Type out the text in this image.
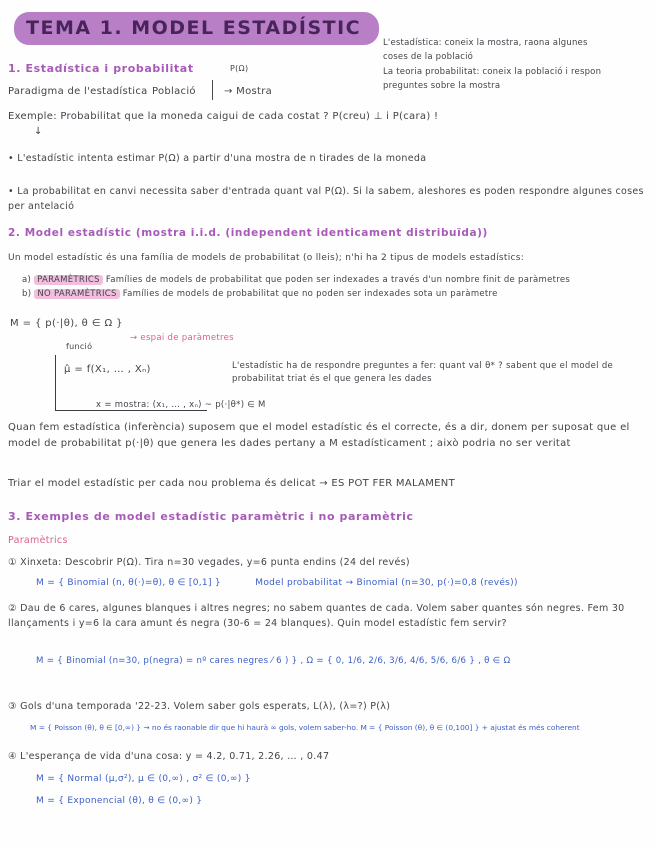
TEMA 1. MODEL ESTADÍSTIC
L'estadística: coneix la mostra, raona algunes
coses de la població
La teoria probabilitat: coneix la població i respon
preguntes sobre la mostra
1. Estadística i probabilitat	P(Ω)
Paradigma de l'estadística Població	→ Mostra
Exemple: Probabilitat que la moneda caigui de cada costat ? P(creu) ⊥ i P(cara) !
↓
• L'estadístic intenta estimar P(Ω) a partir d'una mostra de n tirades de la moneda
• La probabilitat en canvi necessita saber d'entrada quant val P(Ω). Si la sabem, aleshores es poden respondre algunes coses per antelació
2. Model estadístic (mostra i.i.d. (independent identicament distribuïda))
Un model estadístic és una família de models de probabilitat (o lleis); n'hi ha 2 tipus de models estadístics:
a) PARAMÈTRICS Famílies de models de probabilitat que poden ser indexades a través d'un nombre finit de paràmetres
b) NO PARAMÈTRICS Famílies de models de probabilitat que no poden ser indexades sota un paràmetre
M = { p(·|θ), θ ∈ Ω }
→ espai de paràmetres
funció
μ̂ = f(X₁, … , Xₙ)	L'estadístic ha de respondre preguntes a fer: quant val θ* ? sabent que el model de probabilitat triat és el que genera les dades
x = mostra: (x₁, … , xₙ) ~ p(·|θ*) ∈ M
Quan fem estadística (inferència) suposem que el model estadístic és el correcte, és a dir, donem per suposat que el model de probabilitat p(·|θ) que genera les dades pertany a M estadísticament ; això podria no ser veritat
Triar el model estadístic per cada nou problema és delicat → ES POT FER MALAMENT
3. Exemples de model estadístic paramètric i no paramètric
Paramètrics
① Xinxeta: Descobrir P(Ω). Tira n=30 vegades, y=6 punta endins (24 del revés)
M = { Binomial (n, θ(·)=θ), θ ∈ [0,1] }	Model probabilitat → Binomial (n=30, p(·)=0,8 (revés))
② Dau de 6 cares, algunes blanques i altres negres; no sabem quantes de cada. Volem saber quantes són negres. Fem 30 llançaments i y=6 la cara amunt és negra (30-6 = 24 blanques). Quin model estadístic fem servir?
M = { Binomial (n=30, p(negra) = nº cares negres ⁄ 6 ) } , Ω = { 0, 1/6, 2/6, 3/6, 4/6, 5/6, 6/6 } , θ ∈ Ω
③ Gols d'una temporada '22-23. Volem saber gols esperats, L(λ), (λ=?) P(λ)
M = { Poisson (θ), θ ∈ [0,∞) } → no és raonable dir que hi haurà ∞ gols, volem saber-ho. M = { Poisson (θ), θ ∈ (0,100] } + ajustat és més coherent
④ L'esperança de vida d'una cosa: y = 4.2, 0.71, 2.26, … , 0.47
M = { Normal (μ,σ²), μ ∈ (0,∞) , σ² ∈ (0,∞) }
M = { Exponencial (θ), θ ∈ (0,∞) }
